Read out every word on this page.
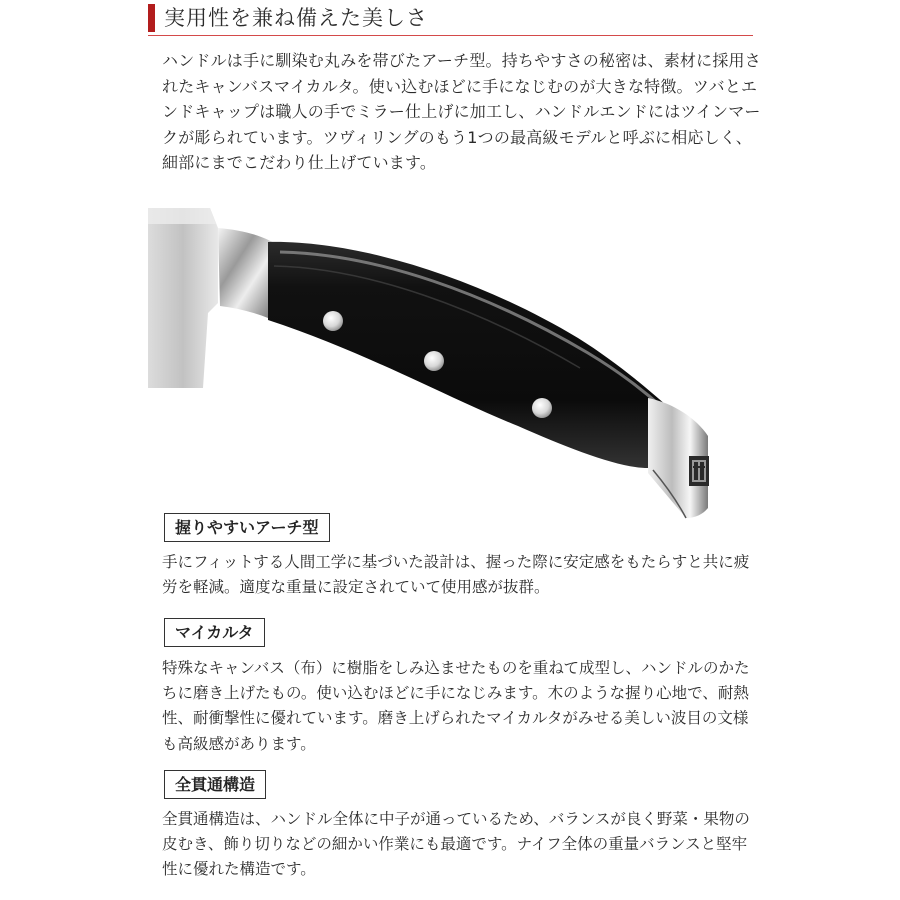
実用性を兼ね備えた美しさ

ハンドルは手に馴染む丸みを帯びたアーチ型。持ちやすさの秘密は、素材に採用されたキャンバスマイカルタ。使い込むほどに手になじむのが大きな特徴。ツバとエンドキャップは職人の手でミラー仕上げに加工し、ハンドルエンドにはツインマークが彫られています。ツヴィリングのもう1つの最高級モデルと呼ぶに相応しく、細部にまでこだわり仕上げています。

握りやすいアーチ型

手にフィットする人間工学に基づいた設計は、握った際に安定感をもたらすと共に疲労を軽減。適度な重量に設定されていて使用感が抜群。

マイカルタ

特殊なキャンバス（布）に樹脂をしみ込ませたものを重ねて成型し、ハンドルのかたちに磨き上げたもの。使い込むほどに手になじみます。木のような握り心地で、耐熱性、耐衝撃性に優れています。磨き上げられたマイカルタがみせる美しい波目の文様も高級感があります。

全貫通構造

全貫通構造は、ハンドル全体に中子が通っているため、バランスが良く野菜・果物の皮むき、飾り切りなどの細かい作業にも最適です。ナイフ全体の重量バランスと堅牢性に優れた構造です。
